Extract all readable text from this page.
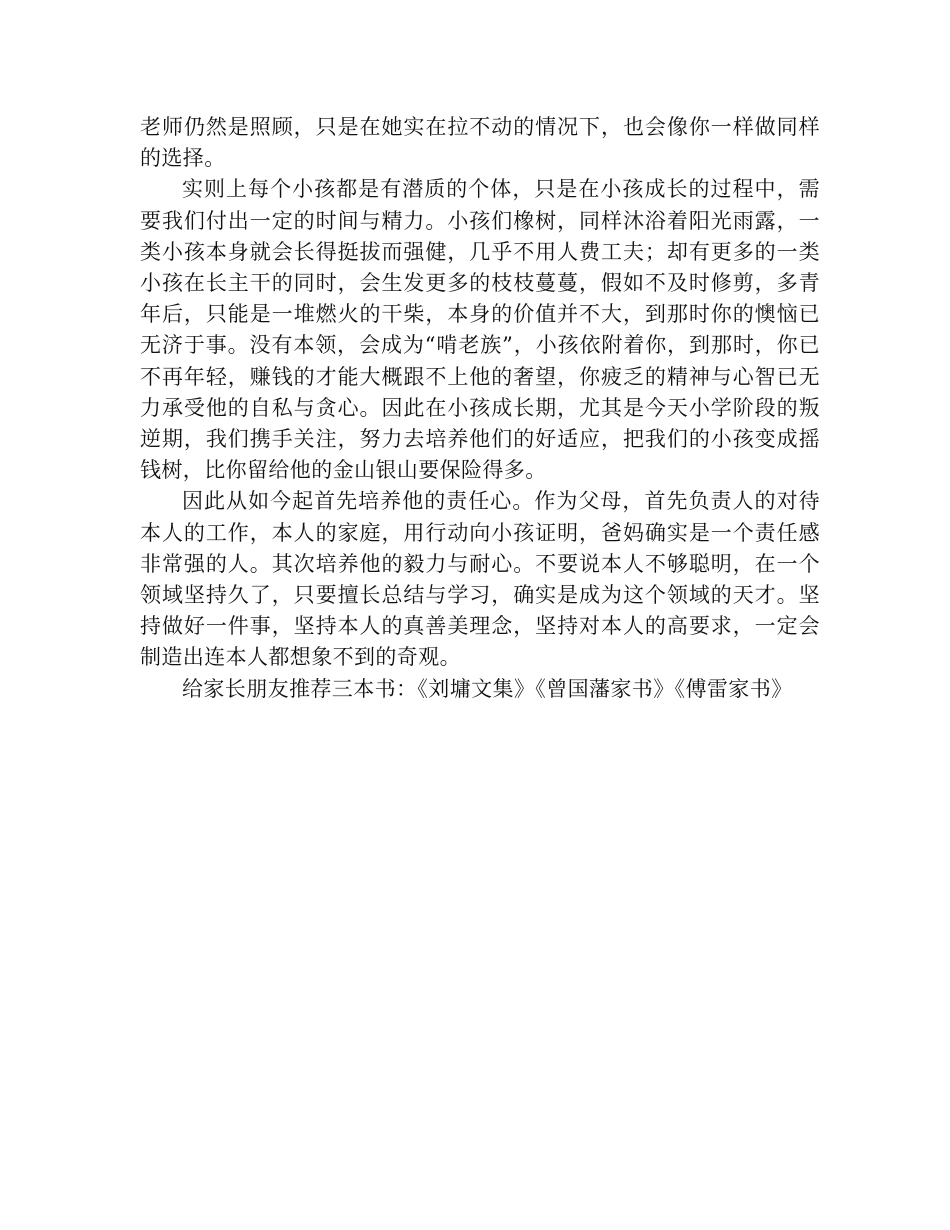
老师仍然是照顾，只是在她实在拉不动的情况下，也会像你一样做同样的选择。

实则上每个小孩都是有潜质的个体，只是在小孩成长的过程中，需要我们付出一定的时间与精力。小孩们橡树，同样沐浴着阳光雨露，一类小孩本身就会长得挺拔而强健，几乎不用人费工夫；却有更多的一类小孩在长主干的同时，会生发更多的枝枝蔓蔓，假如不及时修剪，多青年后，只能是一堆燃火的干柴，本身的价值并不大，到那时你的懊恼已无济于事。没有本领，会成为“啃老族”，小孩依附着你，到那时，你已不再年轻，赚钱的才能大概跟不上他的奢望，你疲乏的精神与心智已无力承受他的自私与贪心。因此在小孩成长期，尤其是今天小学阶段的叛逆期，我们携手关注，努力去培养他们的好适应，把我们的小孩变成摇钱树，比你留给他的金山银山要保险得多。

因此从如今起首先培养他的责任心。作为父母，首先负责人的对待本人的工作，本人的家庭，用行动向小孩证明，爸妈确实是一个责任感非常强的人。其次培养他的毅力与耐心。不要说本人不够聪明，在一个领域坚持久了，只要擅长总结与学习，确实是成为这个领域的天才。坚持做好一件事，坚持本人的真善美理念，坚持对本人的高要求，一定会制造出连本人都想象不到的奇观。

给家长朋友推荐三本书：《刘墉文集》《曾国藩家书》《傅雷家书》
